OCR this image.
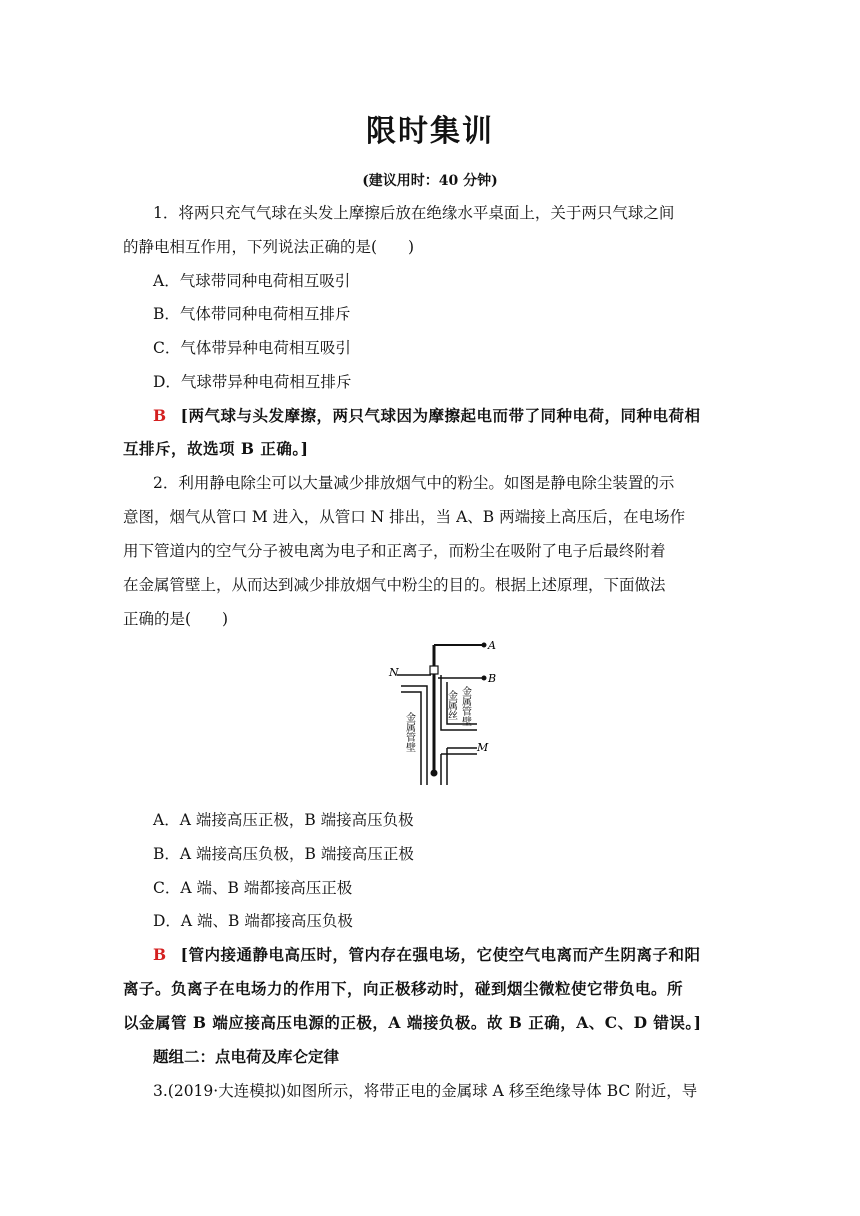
限时集训
(建议用时：40 分钟)
1．将两只充气气球在头发上摩擦后放在绝缘水平桌面上，关于两只气球之间
的静电相互作用，下列说法正确的是(　　)
A．气球带同种电荷相互吸引
B．气体带同种电荷相互排斥
C．气体带异种电荷相互吸引
D．气球带异种电荷相互排斥
B [两气球与头发摩擦，两只气球因为摩擦起电而带了同种电荷，同种电荷相
互排斥，故选项 B 正确。]
2．利用静电除尘可以大量减少排放烟气中的粉尘。如图是静电除尘装置的示
意图，烟气从管口 M 进入，从管口 N 排出，当 A、B 两端接上高压后，在电场作
用下管道内的空气分子被电离为电子和正离子，而粉尘在吸附了电子后最终附着
在金属管壁上，从而达到减少排放烟气中粉尘的目的。根据上述原理，下面做法
正确的是(　　)
A
B
N
M
金属管壁
金属丝 金属管壁
A．A 端接高压正极，B 端接高压负极
B．A 端接高压负极，B 端接高压正极
C．A 端、B 端都接高压正极
D．A 端、B 端都接高压负极
B [管内接通静电高压时，管内存在强电场，它使空气电离而产生阴离子和阳
离子。负离子在电场力的作用下，向正极移动时，碰到烟尘微粒使它带负电。所
以金属管 B 端应接高压电源的正极，A 端接负极。故 B 正确，A、C、D 错误。]
题组二：点电荷及库仑定律
3.(2019·大连模拟)如图所示，将带正电的金属球 A 移至绝缘导体 BC 附近，导
